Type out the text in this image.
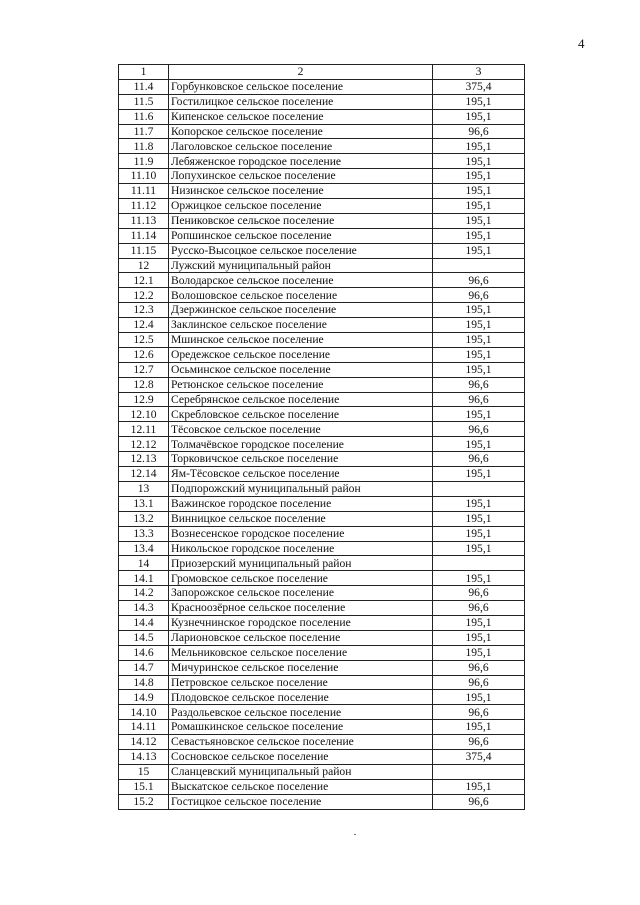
4
1	2	3
11.4	Горбунковское сельское поселение	375,4
11.5	Гостилицкое сельское поселение	195,1
11.6	Кипенское сельское поселение	195,1
11.7	Копорское сельское поселение	96,6
11.8	Лаголовское сельское поселение	195,1
11.9	Лебяженское городское поселение	195,1
11.10	Лопухинское сельское поселение	195,1
11.11	Низинское сельское поселение	195,1
11.12	Оржицкое сельское поселение	195,1
11.13	Пениковское сельское поселение	195,1
11.14	Ропшинское сельское поселение	195,1
11.15	Русско-Высоцкое сельское поселение	195,1
12	Лужский муниципальный район	
12.1	Володарское сельское поселение	96,6
12.2	Волошовское сельское поселение	96,6
12.3	Дзержинское сельское поселение	195,1
12.4	Заклинское сельское поселение	195,1
12.5	Мшинское сельское поселение	195,1
12.6	Оредежское сельское поселение	195,1
12.7	Осьминское сельское поселение	195,1
12.8	Ретюнское сельское поселение	96,6
12.9	Серебрянское сельское поселение	96,6
12.10	Скребловское сельское поселение	195,1
12.11	Тёсовское сельское поселение	96,6
12.12	Толмачёвское городское поселение	195,1
12.13	Торковичское сельское поселение	96,6
12.14	Ям-Тёсовское сельское поселение	195,1
13	Подпорожский муниципальный район	
13.1	Важинское городское поселение	195,1
13.2	Винницкое сельское поселение	195,1
13.3	Вознесенское городское поселение	195,1
13.4	Никольское городское поселение	195,1
14	Приозерский муниципальный район	
14.1	Громовское сельское поселение	195,1
14.2	Запорожское сельское поселение	96,6
14.3	Красноозёрное сельское поселение	96,6
14.4	Кузнечнинское городское поселение	195,1
14.5	Ларионовское сельское поселение	195,1
14.6	Мельниковское сельское поселение	195,1
14.7	Мичуринское сельское поселение	96,6
14.8	Петровское сельское поселение	96,6
14.9	Плодовское сельское поселение	195,1
14.10	Раздольевское сельское поселение	96,6
14.11	Ромашкинское сельское поселение	195,1
14.12	Севастьяновское сельское поселение	96,6
14.13	Сосновское сельское поселение	375,4
15	Сланцевский муниципальный район	
15.1	Выскатское сельское поселение	195,1
15.2	Гостицкое сельское поселение	96,6
